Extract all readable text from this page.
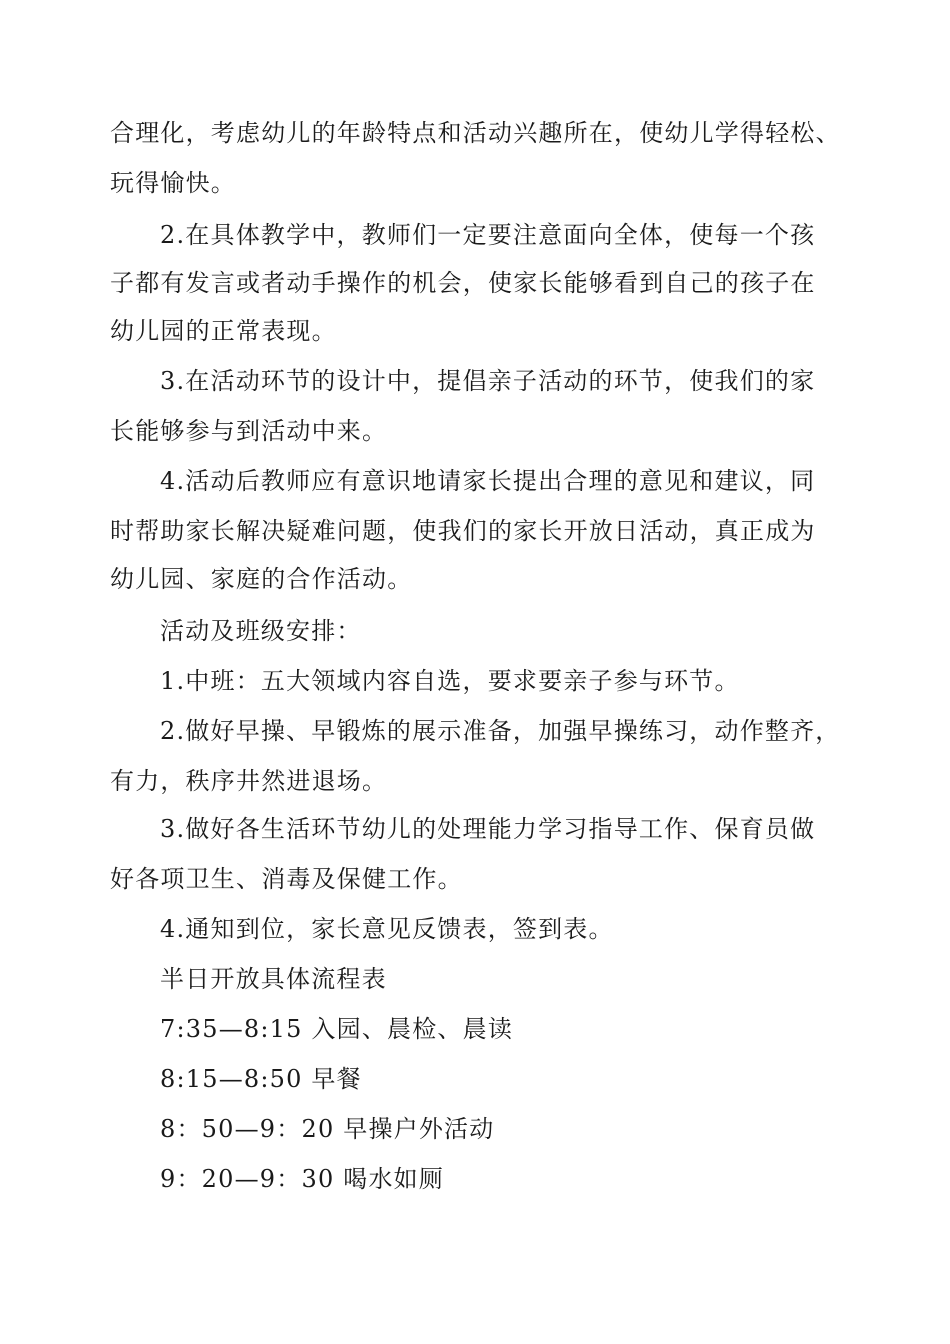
合理化，考虑幼儿的年龄特点和活动兴趣所在，使幼儿学得轻松、
玩得愉快。
2.在具体教学中，教师们一定要注意面向全体，使每一个孩
子都有发言或者动手操作的机会，使家长能够看到自己的孩子在
幼儿园的正常表现。
3.在活动环节的设计中，提倡亲子活动的环节，使我们的家
长能够参与到活动中来。
4.活动后教师应有意识地请家长提出合理的意见和建议，同
时帮助家长解决疑难问题，使我们的家长开放日活动，真正成为
幼儿园、家庭的合作活动。
活动及班级安排：
1.中班：五大领域内容自选，要求要亲子参与环节。
2.做好早操、早锻炼的展示准备，加强早操练习，动作整齐，
有力，秩序井然进退场。
3.做好各生活环节幼儿的处理能力学习指导工作、保育员做
好各项卫生、消毒及保健工作。
4.通知到位，家长意见反馈表，签到表。
半日开放具体流程表
7:35—8:15 入园、晨检、晨读
8:15—8:50 早餐
8：50—9：20 早操户外活动
9：20—9：30 喝水如厕
